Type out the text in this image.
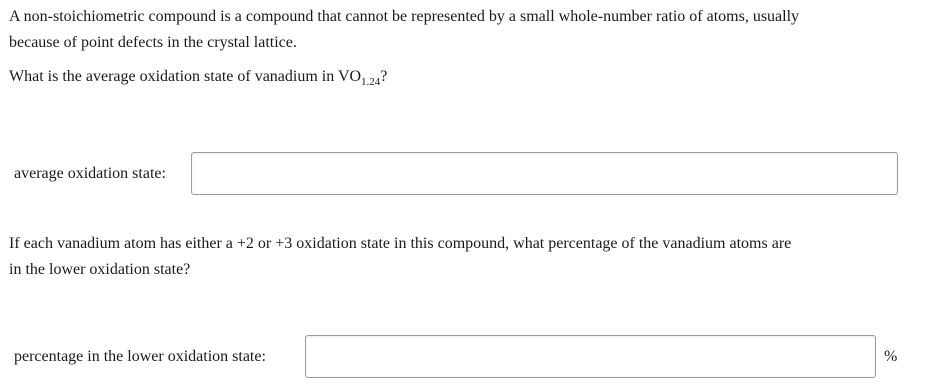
A non-stoichiometric compound is a compound that cannot be represented by a small whole-number ratio of atoms, usually
because of point defects in the crystal lattice.

What is the average oxidation state of vanadium in $VO_{1.24}$?

average oxidation state:

If each vanadium atom has either a +2 or +3 oxidation state in this compound, what percentage of the vanadium atoms are
in the lower oxidation state?

percentage in the lower oxidation state:	%
